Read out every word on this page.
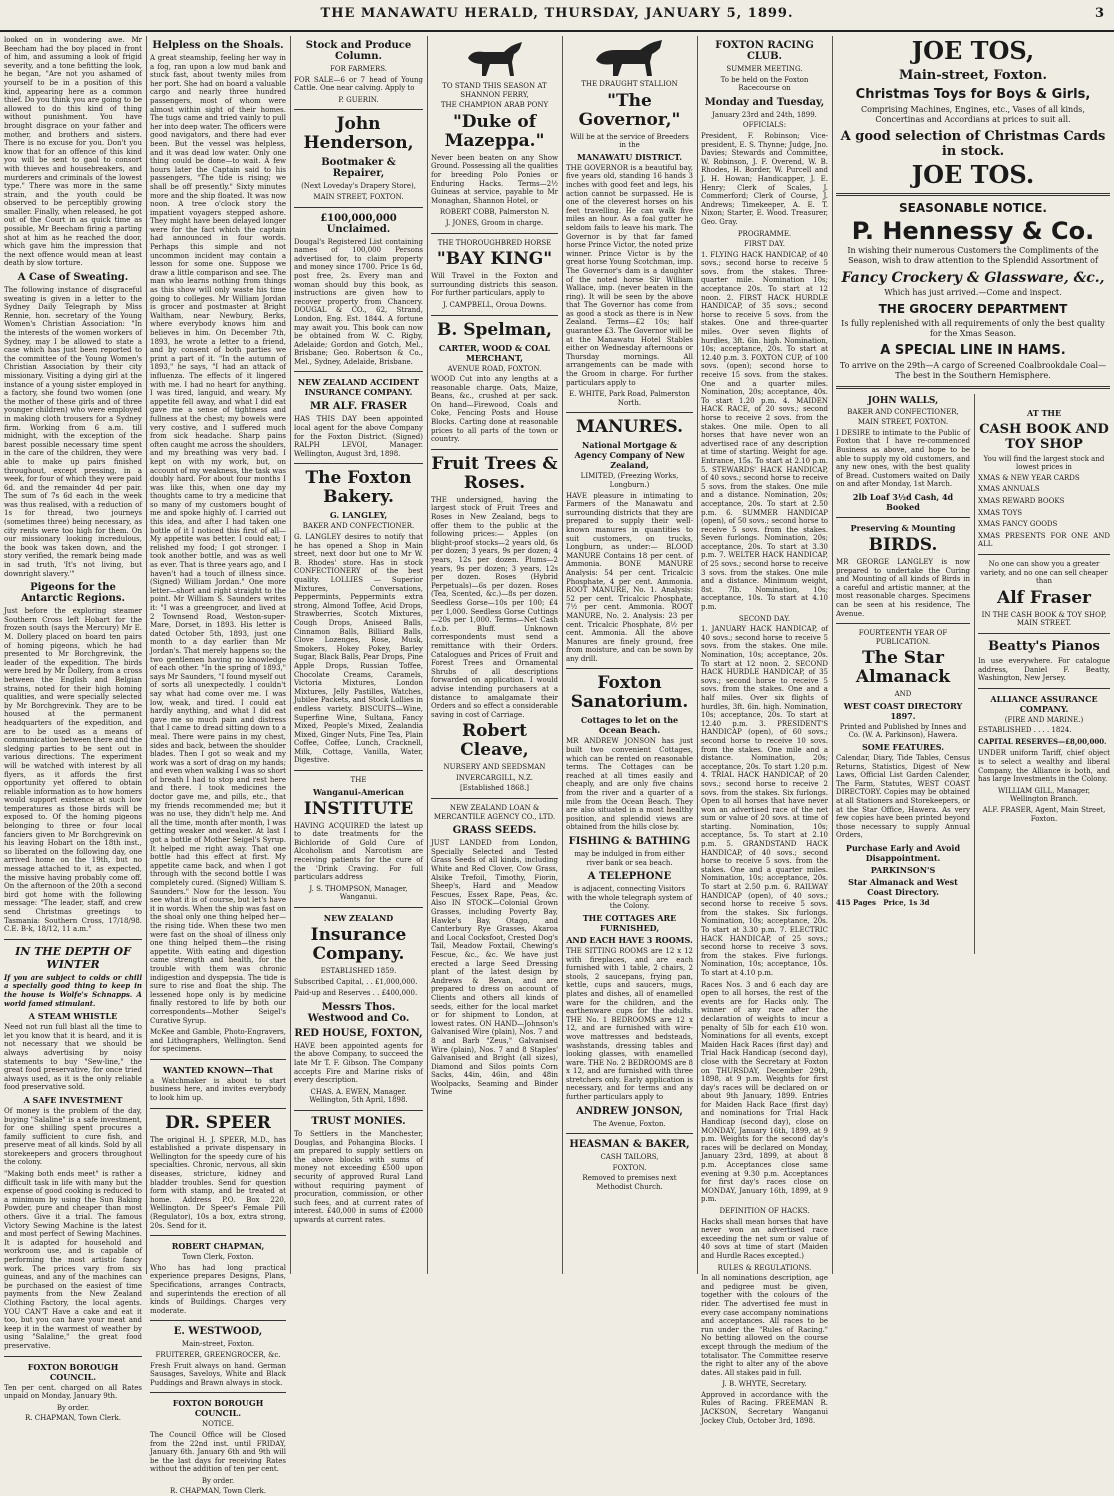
THE MANAWATU HERALD, THURSDAY, JANUARY 5, 1899.	3

looked on in wondering awe. Mr Beecham had the boy placed in front of him, and assuming a look of frigid severity, and a tone befitting the look, he began, "Are not you ashamed of yourself to be in a position of this kind, appearing here as a common thief. Do you think you are going to be allowed to do this kind of thing without punishment. You have brought disgrace on your father and mother, and brothers and sisters. There is no excuse for you. Don't you know that for an offence of this kind you will be sent to gaol to consort with thieves and housebreakers, and murderers and criminals of the lowest type." There was more in the same strain, and the youth could be observed to be perceptibly growing smaller. Finally, when released, he got out of the Court in as quick time as possible, Mr Beecham firing a parting shot at him as he reached the door, which gave him the impression that the next offence would mean at least death by slow torture.

A Case of Sweating.

The following instance of disgraceful sweating is given in a letter to the Sydney Daily Telegraph by Miss Rennie, hon. secretary of the Young Women's Christian Association: "In the interests of the women workers of Sydney, may I be allowed to state a case which has just been reported to the committee of the Young Women's Christian Association by their city missionary. Visiting a dying girl at the instance of a young sister employed in a factory, she found two women (one the mother of these girls and of three younger children) who were employed in making cloth trousers for a Sydney firm. Working from 6 a.m. till midnight, with the exception of the barest possible necessary time spent in the care of the children, they were able to make up pairs finished throughout, except pressing, in a week, for four of which they were paid 6d. and the remainder 4d per pair. The sum of 7s 6d each in the week was thus realised, with a reduction of 1s for thread, two journeys (sometimes three) being necessary, as city rents were too high for them. On our missionary looking incredulous, the book was taken down, and the story verified, the remark being made in sad truth, 'It's not living, but downright slavery.'"

Pigeons for the Antarctic Regions.

Just before the exploring steamer Southern Cross left Hobart for the frozen south (says the Mercury) Mr E. M. Dollery placed on board ten pairs of homing pigeons, which he had presented to Mr Borchgrevink, the leader of the expedition. The birds were bred by Mr Dollery, from a cross between the English and Belgian strains, noted for their high homing qualities, and were specially selected by Mr Borchgrevink. They are to be housed at the permanent headquarters of the expedition, and are to be used as a means of communication between there and the sledging parties to be sent out in various directions. The experiment will be watched with interest by all flyers, as it affords the first opportunity yet offered to obtain reliable information as to how homers would support existence at such low temperatures as those birds will be exposed to. Of the homing pigeons belonging to three or four local fanciers given to Mr Borchgrevink on his leaving Hobart on the 18th inst., so liberated on the following day, one arrived home on the 19th, but no message attached to it, as expected, the missive having probably come off. On the afternoon of the 20th a second bird got home with the following message: "The leader, staff, and crew send Christmas greetings to Tasmania: Southern Cross, 17/18/98. C.E. B-k, 18/12, 11 a.m."

IN THE DEPTH OF WINTER

If you are subject to colds or chill a specially good thing to keep in the house is Wolfe's Schnapps. A world famed stimulant.

A STEAM WHISTLE

Need not run full blast all the time to let you know that it is heard, and it is not necessary that we should be always advertising by noisy statements to buy "Sew-line," the great food preservative, for once tried always used, as it is the only reliable food preservative sold.

A SAFE INVESTMENT

Of money is the problem of the day, buying "Salaline" is a safe investment, for one shilling spent procures a family sufficient to cure fish, and preserve meat of all kinds. Sold by all storekeepers and grocers throughout the colony.

"Making both ends meet" is rather a difficult task in life with many but the expense of good cooking is reduced to a minimum by using the Sun Baking Powder, pure and cheaper than most others. Give it a trial. The famous Victory Sewing Machine is the latest and most perfect of Sewing Machines. It is adapted for household and workroom use, and is capable of performing the most artistic fancy work. The prices vary from six guineas, and any of the machines can be purchased on the easiest of time payments from the New Zealand Clothing Factory, the local agents. YOU CAN'T Have a cake and eat it too, but you can have your meat and keep it in the warmest of weather by using "Salaline," the great food preservative.

FOXTON BOROUGH COUNCIL.

Ten per cent. charged on all Rates unpaid on Monday, January 9th.

By order.

R. CHAPMAN, Town Clerk.

Helpless on the Shoals.

A great steamship, feeling her way in a fog, ran upon a low mud bank and stuck fast, about twenty miles from her port. She had on board a valuable cargo and nearly three hundred passengers, most of whom were almost within sight of their homes. The tugs came and tried vainly to pull her into deep water. The officers were good navigators, and there had ever been. But the vessel was helpless, and it was dead low water. Only one thing could be done—to wait. A few hours later the Captain said to his passengers, "The tide is rising; we shall be off presently." Sixty minutes more and the ship floated. It was now noon. A tree o'clock story the impatient voyagers stepped ashore. They might have been delayed longer were for the fact which the captain had announced in four words. Perhaps this simple and not uncommon incident may contain a lesson for some one. Suppose we draw a little comparison and see. The man who learns nothing from things as this show will only waste his time going to colleges. Mr William Jordan is grocer and postmaster at Bright Waltham, near Newbury, Berks, where everybody knows him and believes in him. On December 7th, 1893, he wrote a letter to a friend, and by consent of both parties we print a part of it. "In the autumn of 1893," he says, "I had an attack of influenza. The effects of it lingered with me. I had no heart for anything. I was tired, languid, and weary. My appetite fell away, and what I did eat gave me a sense of tightness and fullness at the chest; my bowels were very costive, and I suffered much from sick headache. Sharp pains often caught me across the shoulders, and my breathing was very bad. I kept on with my work, but, on account of my weakness, the task was doubly hard. For about four months I was like this, when one day my thoughts came to try a medicine that so many of my customers bought of me and spoke highly of. I carried out this idea, and after I had taken one bottle of it I noticed this first of all—My appetite was better. I could eat; I relished my food; I got stronger. I took another bottle, and was as well as ever. That is three years ago, and I haven't had a touch of illness since. (Signed) William Jordan." One more letter—short and right straight to the point. Mr William S. Saunders writes it: "I was a greengrocer, and lived at 2 Townsend Road, Weston-super-Mare, Dorset, in 1893. His letter is dated October 5th, 1893, just one month to a day earlier than Mr Jordan's. That merely happens so; the two gentlemen having no knowledge of each other. "In the spring of 1893," says Mr Saunders, "I found myself out of sorts all unexpectedly. I couldn't say what had come over me. I was low, weak, and tired. I could eat hardly anything, and what I did eat gave me so much pain and distress that I came to dread sitting down to a meal. There were pains in my chest, sides and back, between the shoulder blades. Then I got so weak and my work was a sort of drag on my hands; and even when walking I was so short of breath I had to stop and rest here and there. I took medicines the doctor gave me, and pills, etc., that my friends recommended me; but it was no use, they didn't help me. And all the time, month after month, I was getting weaker and weaker. At last I got a bottle of Mother Seigel's Syrup. It helped me right away. That one bottle had this effect at first. My appetite came back, and when I got through with the second bottle I was completely cured. (Signed) William S. Saunders." Now for the lesson. You see what it is of course, but let's have it in words. When the ship was fast on the shoal only one thing helped her—the rising tide. When these two men were fast on the shoal of illness only one thing helped them—the rising appetite. With eating and digestion came strength and health, for the trouble with them was chronic indigestion and dyspepsia. The tide is sure to rise and float the ship. The lessened hope only is by medicine finally restored to life by both our correspondents—Mother Seigel's Curative Syrup.

McKee and Gamble, Photo-Engravers, and Lithographers, Wellington. Send for specimens.

WANTED KNOWN—That

a Watchmaker is about to start business here, and invites everybody to look him up.

DR. SPEER

The original H. J. SPEER, M.D., has established a private dispensary in Wellington for the speedy cure of his specialties. Chronic, nervous, all skin diseases, stricture, kidney and bladder troubles. Send for question form with stamp, and be treated at home. Address P.O. Box 220, Wellington. Dr Speer's Female Pill (Regulator), 10s a box, extra strong, 20s. Send for it.

ROBERT CHAPMAN,

Town Clerk, Foxton.

Who has had long practical experience prepares Designs, Plans, Specifications, arranges Contracts, and superintends the erection of all kinds of Buildings. Charges very moderate.

E. WESTWOOD,

Main-street, Foxton.

FRUITERER, GREENGROCER, &c.

Fresh Fruit always on hand. German Sausages, Saveloys, White and Black Puddings and Brawn always in stock.

FOXTON BOROUGH COUNCIL.

NOTICE.

The Council Office will be Closed from the 22nd inst. until FRIDAY, January 6th. January 6th and 9th will be the last days for receiving Rates without the addition of ten per cent.

By order.

R. CHAPMAN, Town Clerk.

Stock and Produce Column.

FOR FARMERS.

FOR SALE—6 or 7 head of Young Cattle. One near calving. Apply to

P. GUERIN.

John Henderson,
Bootmaker & Repairer,

(Next Loveday's Drapery Store),

MAIN STREET, FOXTON.

£100,000,000 Unclaimed.

Dougal's Registered List containing names of 100,000 Persons advertised for, to claim property and money since 1700. Price 1s 6d, post free, 2s. Every man and woman should buy this book, as instructions are given how to recover property from Chancery. DOUGAL & CO., 62, Strand, London, Eng. Est. 1844. A fortune may await you. This book can now be obtained from W. C. Rigby, Adelaide; Gordon and Gotch, Mel., Brisbane; Geo. Robertson & Co., Mel., Sydney, Adelaide, Brisbane.

NEW ZEALAND ACCIDENT INSURANCE COMPANY.
MR ALF. FRASER

HAS THIS DAY been appointed local agent for the above Company for the Foxton District. (Signed) RALPH LEVOI, Manager. Wellington, August 3rd, 1898.

The Foxton Bakery.
G. LANGLEY,

BAKER AND CONFECTIONER.

G. LANGLEY desires to notify that he has opened a Shop in Main street, next door but one to Mr W. B. Rhodes' store. Has in stock CONFECTIONERY of the best quality. LOLLIES — Superior Mixtures, Conversations, Peppermints, Peppermints extra strong, Almond Toffee, Acid Drops, Strawberries, Scotch Mixtures, Cough Drops, Aniseed Balls, Cinnamon Balls, Billiard Balls, Clove Lozenges, Rose, Musk, Smokers, Hokey Pokey, Barley Sugar, Black Balls, Pear Drops, Pine Apple Drops, Russian Toffee, Chocolate Creams, Caramels, Victoria Mixtures, London Mixtures, Jelly Pastilles, Watches, Jubilee Packets, and Stock Lollies in endless variety. BISCUITS—Wine, Superfine Wine, Sultana, Fancy Mixed, People's Mixed, Zealandia Mixed, Ginger Nuts, Fine Tea, Plain Coffee, Coffee, Lunch, Cracknell, Milk, Cottage, Vanilla, Water, Digestive.

THE

Wanganui-American
INSTITUTE

HAVING ACQUIRED the latest up to date treatments for the Bichloride of Gold Cure of Alcoholism and Narcotism are receiving patients for the cure of the 'Drink Craving. For full particulars address

J. S. THOMPSON, Manager, Wanganui.

NEW ZEALAND
Insurance Company.

ESTABLISHED 1859.

Subscribed Capital, . . £1,000,000.

Paid-up and Reserves . . £400,000.

Messrs Thos. Westwood and Co.
RED HOUSE, FOXTON,

HAVE been appointed agents for the above Company, to succeed the late Mr T. F. Gibson. The Company accepts Fire and Marine risks of every description.

CHAS. A. EWEN, Manager. Wellington, 5th April, 1898.

TRUST MONIES.

To Settlers in the Manchester, Douglas, and Pohangina Blocks. I am prepared to supply settlers on the above blocks with sums of money not exceeding £500 upon security of approved Rural Land without requiring payment of procuration, commission, or other such fees, and at current rates of interest. £40,000 in sums of £2000 upwards at current rates.

TO STAND THIS SEASON AT SHANNON FERRY,

THE CHAMPION ARAB PONY

"Duke of Mazeppa."

Never been beaten on any Show Ground. Possessing all the qualities for breeding Polo Ponies or Enduring Hacks. Terms—2½ Guineas at service, payable to Mr Monaghan, Shannon Hotel, or

ROBERT COBB, Palmerston N.

J. JONES, Groom in charge.

THE THOROUGHBRED HORSE

"BAY KING"

Will Travel in the Foxton and surrounding districts this season. For further particulars, apply to

J. CAMPBELL, Oroua Downs.

B. Spelman,
CARTER, WOOD & COAL MERCHANT,

AVENUE ROAD, FOXTON.

WOOD Cut into any lengths at a reasonable charge. Oats, Maize, Beans, &c., crushed at per sack. On hand—Firewood, Coals and Coke, Fencing Posts and House Blocks. Carting done at reasonable prices to all parts of the town or country.

Fruit Trees & Roses.

THE undersigned, having the largest stock of Fruit Trees and Roses in New Zealand, begs to offer them to the public at the following prices:— Apples (on blight-proof stocks—2 years old, 6s per dozen; 3 years, 9s per dozen; 4 years, 12s per dozen. Plums—2 years, 9s per dozen; 3 years, 12s per dozen. Roses (Hybrid Perpetuals)—6s per dozen. Roses (Tea, Scented, &c.)—8s per dozen. Seedless Gorse—10s per 100; £4 per 1,000. Seedless Gorse Cuttings—20s per 1,000. Terms—Net Cash f.o.b. Bluff. Unknown correspondents must send a remittance with their Orders. Catalogues and Prices of Fruit and Forest Trees and Ornamental Shrubs of all descriptions forwarded on application. I would advise intending purchasers at a distance to amalgamate their Orders and so effect a considerable saving in cost of Carriage.

Robert Cleave,

NURSERY AND SEEDSMAN

INVERCARGILL, N.Z.

[Established 1868.]

NEW ZEALAND LOAN & MERCANTILE AGENCY CO., LTD.

GRASS SEEDS.

JUST LANDED from London, Specially Selected and Tested Grass Seeds of all kinds, including White and Red Clover, Cow Grass, Alsike Trefoil, Timothy, Fiorin, Sheep's, Hard and Meadow Fescues, Essex Rape, Peas, &c. Also IN STOCK—Colonial Grown Grasses, including Poverty Bay, Hawke's Bay, Otago, and Canterbury Rye Grasses, Akaroa and Local Cocksfoot, Crested Dog's Tail, Meadow Foxtail, Chewing's Fescue, &c., &c. We have just erected a large Seed Dressing plant of the latest design by Andrews & Bevan, and are prepared to dress on account of Clients and others all kinds of seeds, either for the local market or for shipment to London, at lowest rates. ON HAND—Johnson's Galvanised Wire (plain), Nos. 7 and 8 and Barb "Zeus," Galvanised Wire (plain), Nos. 7 and 8 Staples' Galvanised and Bright (all sizes), Diamond and Silos points Corn Sacks, 44in, 46in, and 48in Woolpacks, Seaming and Binder Twine

THE DRAUGHT STALLION

"The Governor,"

Will be at the service of Breeders in the

MANAWATU DISTRICT.

THE GOVERNOR is a beautiful bay, five years old, standing 16 hands 3 inches with good feet and legs, his action cannot be surpassed. He is one of the cleverest horses on his feet travelling. He can walk five miles an hour. As a foal gutter he seldom fails to leave his mark. The Governor is by that far famed horse Prince Victor, the noted prize winner. Prince Victor is by the great horse Young Scotchman, imp. The Governor's dam is a daughter of the noted horse Sir William Wallace, imp. (never beaten in the ring). It will be seen by the above that The Governor has come from as good a stock as there is in New Zealand. Terms—£2 10s; half guarantee £3. The Governor will be at the Manawatu Hotel Stables either on Wednesday afternoons or Thursday mornings. All arrangements can be made with the Groom in charge. For further particulars apply to

E. WHITE, Park Road, Palmerston North.

MANURES.
National Mortgage & Agency Company of New Zealand,

LIMITED, (Freezing Works, Longburn.)

HAVE pleasure in intimating to Farmers of the Manawatu and surrounding districts that they are prepared to supply their well-known manures in quantities to suit customers, on trucks, Longburn, as under:— BLOOD MANURE Contains 18 per cent. of Ammonia. BONE MANURE Analysis: 54 per cent. Tricalcic Phosphate, 4 per cent. Ammonia. ROOT MANURE, No. 1. Analysis: 52 per cent. Tricalcic Phosphate, 7½ per cent. Ammonia. ROOT MANURE, No. 2. Analysis: 23 per cent. Tricalcic Phosphate, 8½ per cent. Ammonia. All the above Manures are finely ground, free from moisture, and can be sown by any drill.

Foxton Sanatorium.
Cottages to let on the Ocean Beach.

MR ANDREW JONSON has just built two convenient Cottages, which can be rented on reasonable terms. The Cottages can be reached at all times easily and cheaply, and are only five chains from the river and a quarter of a mile from the Ocean Beach. They are also situated in a most healthy position, and splendid views are obtained from the hills close by.

FISHING & BATHING

may be indulged in from either river bank or sea beach.

A TELEPHONE

is adjacent, connecting Visitors with the whole telegraph system of the Colony.

THE COTTAGES ARE FURNISHED,
AND EACH HAVE 3 ROOMS.

THE SITTING ROOMS are 12 x 12 with fireplaces, and are each furnished with 1 table, 2 chairs, 2 stools, 2 saucepans, frying pan, kettle, cups and saucers, mugs, plates and dishes, all of enamelled ware for the children, and the earthenware cups for the adults. THE No. 1 BEDROOMS are 12 x 12, and are furnished with wire-wove mattresses and bedsteads, washstands, dressing tables and looking glasses, with enamelled ware. THE No. 2 BEDROOMS are 8 x 12, and are furnished with three stretchers only. Early application is necessary, and for terms and any further particulars apply to

ANDREW JONSON,

The Avenue, Foxton.

HEASMAN & BAKER,

CASH TAILORS,

FOXTON.

Removed to premises next Methodist Church.

FOXTON RACING CLUB.

SUMMER MEETING.

To be held on the Foxton Racecourse on

Monday and Tuesday,

January 23rd and 24th, 1899.

OFFICIALS:

President, F. Robinson; Vice-president, E. S. Thynne; Judge, Jno. Davies; Stewards and Committee, W. Robinson, J. F. Overend, W. B. Rhodes, H. Border, W. Purcell and J. H. Howan; Handicapper, J. E. Henry; Clerk of Scales, J. Commerford; Clerk of Course, J. Andrews; Timekeeper, A. E. T. Nixon; Starter, E. Wood. Treasurer, Geo. Gray.

PROGRAMME.

FIRST DAY.

1. FLYING HACK HANDICAP, of 40 sovs.; second horse to receive 5 sovs. from the stakes. Three-quarter mile. Nomination 10s; acceptance 20s. To start at 12 noon. 2. FIRST HACK HURDLE HANDICAP, of 35 sovs.; second horse to receive 5 sovs. from the stakes. One and three-quarter miles. Over seven flights of hurdles, 3ft. 6in. high. Nomination, 10s; acceptance, 20s. To start at 12.40 p.m. 3. FOXTON CUP, of 100 sovs. (open); second horse to receive 15 sovs. from the stakes. One and a quarter miles. Nomination, 20s; acceptance, 40s. To start 1.20 p.m. 4. MAIDEN HACK RACE, of 20 sovs.; second horse to receive 2 sovs. from the stakes. One mile. Open to all horses that have never won an advertised race of any description at time of starting. Weight for age. Entrance, 15s. To start at 2.10 p.m. 5. STEWARDS' HACK HANDICAP, of 40 sovs.; second horse to receive 5 sovs. from the stakes. One mile and a distance. Nomination, 20s; acceptance, 20s. To start at 2.50 p.m. 6. SUMMER HANDICAP (open), of 50 sovs.; second horse to receive 5 sovs. from the stakes. Seven furlongs. Nomination, 20s; acceptance, 20s. To start at 3.30 p.m. 7. WELTER HACK HANDICAP, of 25 sovs.; second horse to receive 3 sovs. from the stakes. One mile and a distance. Minimum weight, 8st. 7lb. Nomination, 10s; acceptance, 10s. To start at 4.10 p.m.

SECOND DAY.

1. JANUARY HACK HANDICAP, of 40 sovs.; second horse to receive 5 sovs. from the stakes. One mile. Nomination, 10s; acceptance, 20s. To start at 12 noon. 2. SECOND HACK HURDLE HANDICAP, of 35 sovs.; second horse to receive 5 sovs. from the stakes. One and a half miles. Over six flights of hurdles, 3ft. 6in. high. Nomination, 10s; acceptance, 20s. To start at 12.40 p.m. 3. PRESIDENT'S HANDICAP (open), of 60 sovs.; second horse to receive 10 sovs. from the stakes. One mile and a distance. Nomination, 20s; acceptance, 20s. To start 1.20 p.m. 4. TRIAL HACK HANDICAP, of 20 sovs.; second horse to receive 2 sovs. from the stakes. Six furlongs. Open to all horses that have never won an advertised race of the net sum or value of 20 sovs. at time of starting. Nomination, 10s; acceptance, 5s. To start at 2.10 p.m. 5. GRANDSTAND HACK HANDICAP, of 40 sovs.; second horse to receive 5 sovs. from the stakes. One and a quarter miles. Nomination, 10s; acceptance, 20s. To start at 2.50 p.m. 6. RAILWAY HANDICAP (open), of 40 sovs.; second horse to receive 5 sovs. from the stakes. Six furlongs. Nomination, 10s; acceptance, 20s. To start at 3.30 p.m. 7. ELECTRIC HACK HANDICAP, of 25 sovs.; second horse to receive 3 sovs. from the stakes. Five furlongs. Nomination, 10s; acceptance, 10s. To start at 4.10 p.m.

Races Nos. 3 and 6 each day are open to all horses, the rest of the events are for Hacks only. The winner of any race after the declaration of weights to incur a penalty of 5lb for each £10 won. Nominations for all events, except Maiden Hack Races (first day) and Trial Hack Handicap (second day), close with the Secretary at Foxton on THURSDAY, December 29th, 1898, at 9 p.m. Weights for first day's races will be declared on or about 9th January, 1899. Entries for Maiden Hack Race (first day) and nominations for Trial Hack Handicap (second day), close on MONDAY, January 16th, 1899, at 9 p.m. Weights for the second day's races will be declared on Monday, January 23rd, 1899, at about 8 p.m. Acceptances close same evening at 9.30 p.m. Acceptances for first day's races close on MONDAY, January 16th, 1899, at 9 p.m.

DEFINITION OF HACKS.

Hacks shall mean horses that have never won an advertised race exceeding the net sum or value of 40 sovs at time of start (Maiden and Hurdle Races excepted.)

RULES & REGULATIONS.

In all nominations description, age and pedigree must be given, together with the colours of the rider. The advertised fee must in every case accompany nominations and acceptances. All races to be run under the "Rules of Racing." No betting allowed on the course except through the medium of the totalisator. The Committee reserve the right to alter any of the above dates. All stakes paid in full.

J. B. WHYTE, Secretary.

Approved in accordance with the Rules of Racing. FREEMAN R. JACKSON, Secretary Wanganui Jockey Club, October 3rd, 1898.

JOE TOS,
Main-street, Foxton.
Christmas Toys for Boys & Girls,

Comprising Machines, Engines, etc., Vases of all kinds, Concertinas and Accordians at prices to suit all.

A good selection of Christmas Cards in stock.
JOE TOS.
SEASONABLE NOTICE.
P. Hennessy & Co.

In wishing their numerous Customers the Compliments of the Season, wish to draw attention to the Splendid Assortment of

Fancy Crockery & Glassware, &c.,

Which has just arrived.—Come and inspect.

THE GROCERY DEPARTMENT

Is fully replenished with all requirements of only the best quality for the Xmas Season.

A SPECIAL LINE IN HAMS.

To arrive on the 29th—A cargo of Screened Coalbrookdale Coal—The best in the Southern Hemisphere.

JOHN WALLS,

BAKER AND CONFECTIONER,

MAIN STREET, FOXTON.

I DESIRE to intimate to the Public of Foxton that I have re-commenced Business as above, and hope to be able to supply my old customers, and any new ones, with the best quality of Bread. Customers waited on Daily on and after Monday, 1st March.

2lb Loaf 3½d Cash, 4d Booked
Preserving & Mounting
BIRDS.

MR GEORGE LANGLEY is now prepared to undertake the Curing and Mounting of all kinds of Birds in a careful and artistic manner, at the most reasonable charges. Specimens can be seen at his residence, The Avenue.

FOURTEENTH YEAR OF PUBLICATION.

The Star Almanack

AND

WEST COAST DIRECTORY 1897.

Printed and Published by Innes and Co. (W. A. Parkinson), Hawera.

SOME FEATURES.

Calendar, Diary, Tide Tables, Census Returns, Statistics, Digest of New Laws, Official List Garden Calender, The Farm, Statutes, WEST COAST DIRECTORY. Copies may be obtained at all Stationers and Storekeepers, or at the Star Office, Hawera. As very few copies have been printed beyond those necessary to supply Annual Orders,

Purchase Early and Avoid Disappointment.
PARKINSON'S
Star Almanack and West Coast Directory.

415 Pages Price, 1s 3d

AT THE
CASH BOOK AND TOY SHOP

You will find the largest stock and lowest prices in

XMAS & NEW YEAR CARDS

XMAS ANNUALS

XMAS REWARD BOOKS

XMAS TOYS

XMAS FANCY GOODS

XMAS PRESENTS FOR ONE AND ALL

No one can show you a greater variety, and no one can sell cheaper than

Alf Fraser

IN THE CASH BOOK & TOY SHOP, MAIN STREET.

Beatty's Pianos

In use everywhere. For catalogue address, Daniel F. Beatty, Washington, New Jersey.

ALLIANCE ASSURANCE COMPANY.

(FIRE AND MARINE.)

ESTABLISHED . . . . 1824.

CAPITAL RESERVES—£8,00,000.

UNDER uniform Tariff, chief object is to select a wealthy and liberal Company, the Alliance is both, and has large Investments in the Colony.

WILLIAM GILL, Manager, Wellington Branch.

ALF. FRASER, Agent, Main Street, Foxton.
